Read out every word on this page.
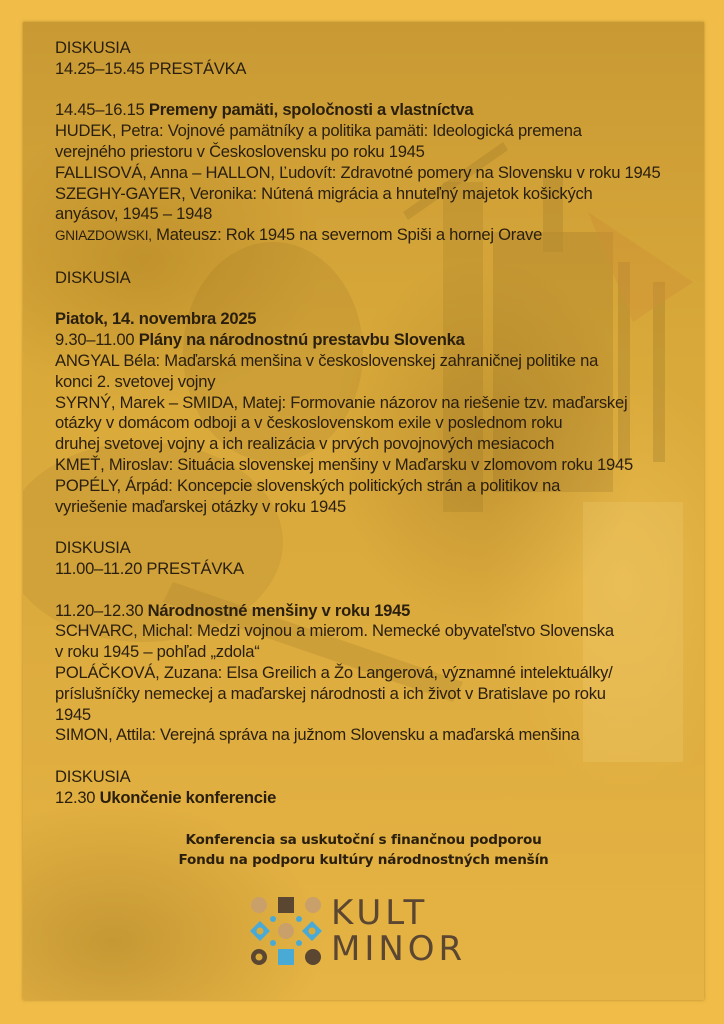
DISKUSIA
14.25–15.45 PRESTÁVKA
14.45–16.15 Premeny pamäti, spoločnosti a vlastníctva
HUDEK, Petra: Vojnové pamätníky a politika pamäti: Ideologická premena
verejného priestoru v Československu po roku 1945
FALLISOVÁ, Anna – HALLON, Ľudovít: Zdravotné pomery na Slovensku v roku 1945
SZEGHY-GAYER, Veronika: Nútená migrácia a hnuteľný majetok košických
anyásov, 1945 – 1948
GNIAZDOWSKI, Mateusz: Rok 1945 na severnom Spiši a hornej Orave
DISKUSIA
Piatok, 14. novembra 2025
9.30–11.00 Plány na národnostnú prestavbu Slovenka
ANGYAL Béla: Maďarská menšina v československej zahraničnej politike na
konci 2. svetovej vojny
SYRNÝ, Marek – SMIDA, Matej: Formovanie názorov na riešenie tzv. maďarskej
otázky v domácom odboji a v československom exile v poslednom roku
druhej svetovej vojny a ich realizácia v prvých povojnových mesiacoch
KMEŤ, Miroslav: Situácia slovenskej menšiny v Maďarsku v zlomovom roku 1945
POPÉLY, Árpád: Koncepcie slovenských politických strán a politikov na
vyriešenie maďarskej otázky v roku 1945
DISKUSIA
11.00–11.20 PRESTÁVKA
11.20–12.30 Národnostné menšiny v roku 1945
SCHVARC, Michal: Medzi vojnou a mierom. Nemecké obyvateľstvo Slovenska
v roku 1945 – pohľad „zdola“
POLÁČKOVÁ, Zuzana: Elsa Greilich a Žo Langerová, významné intelektuálky/
príslušníčky nemeckej a maďarskej národnosti a ich život v Bratislave po roku
1945
SIMON, Attila: Verejná správa na južnom Slovensku a maďarská menšina
DISKUSIA
12.30 Ukončenie konferencie
Konferencia sa uskutoční s finančnou podporou
Fondu na podporu kultúry národnostných menšín
KULT
MINOR
